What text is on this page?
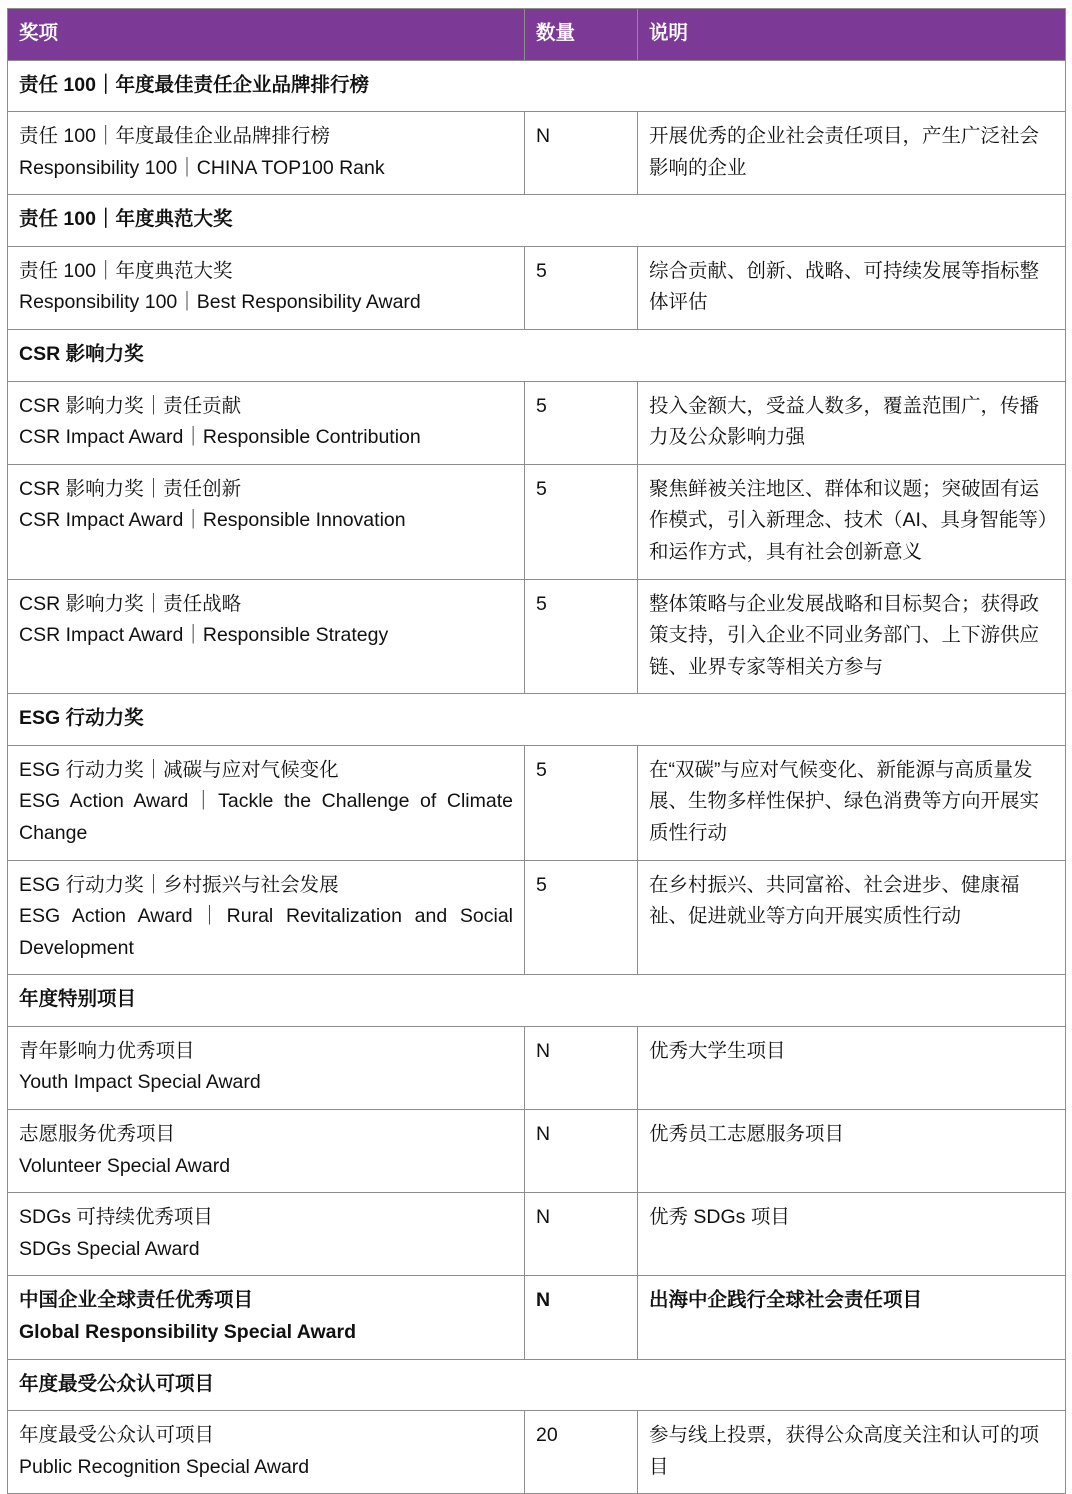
奖项	数量	说明
责任 100｜年度最佳责任企业品牌排行榜		

责任 100｜年度最佳企业品牌排行榜
Responsibility 100｜CHINA TOP100 Rank	N	开展优秀的企业社会责任项目，产生广泛社会影响的企业
责任 100｜年度典范大奖		

责任 100｜年度典范大奖
Responsibility 100｜Best Responsibility Award	5	综合贡献、创新、战略、可持续发展等指标整体评估
CSR 影响力奖		

CSR 影响力奖｜责任贡献
CSR Impact Award｜Responsible Contribution	5	投入金额大，受益人数多，覆盖范围广，传播力及公众影响力强

CSR 影响力奖｜责任创新
CSR Impact Award｜Responsible Innovation	5	聚焦鲜被关注地区、群体和议题；突破固有运作模式，引入新理念、技术（AI、具身智能等）和运作方式，具有社会创新意义

CSR 影响力奖｜责任战略
CSR Impact Award｜Responsible Strategy	5	整体策略与企业发展战略和目标契合；获得政策支持，引入企业不同业务部门、上下游供应链、业界专家等相关方参与
ESG 行动力奖		

ESG 行动力奖｜减碳与应对气候变化
ESG Action Award｜Tackle the Challenge of Climate Change	5	在“双碳”与应对气候变化、新能源与高质量发展、生物多样性保护、绿色消费等方向开展实质性行动

ESG 行动力奖｜乡村振兴与社会发展
ESG Action Award｜Rural Revitalization and Social Development	5	在乡村振兴、共同富裕、社会进步、健康福祉、促进就业等方向开展实质性行动
年度特别项目		

青年影响力优秀项目
Youth Impact Special Award	N	优秀大学生项目

志愿服务优秀项目
Volunteer Special Award	N	优秀员工志愿服务项目

SDGs 可持续优秀项目
SDGs Special Award	N	优秀 SDGs 项目

中国企业全球责任优秀项目
Global Responsibility Special Award	N	出海中企践行全球社会责任项目
年度最受公众认可项目		

年度最受公众认可项目
Public Recognition Special Award	20	参与线上投票，获得公众高度关注和认可的项目
